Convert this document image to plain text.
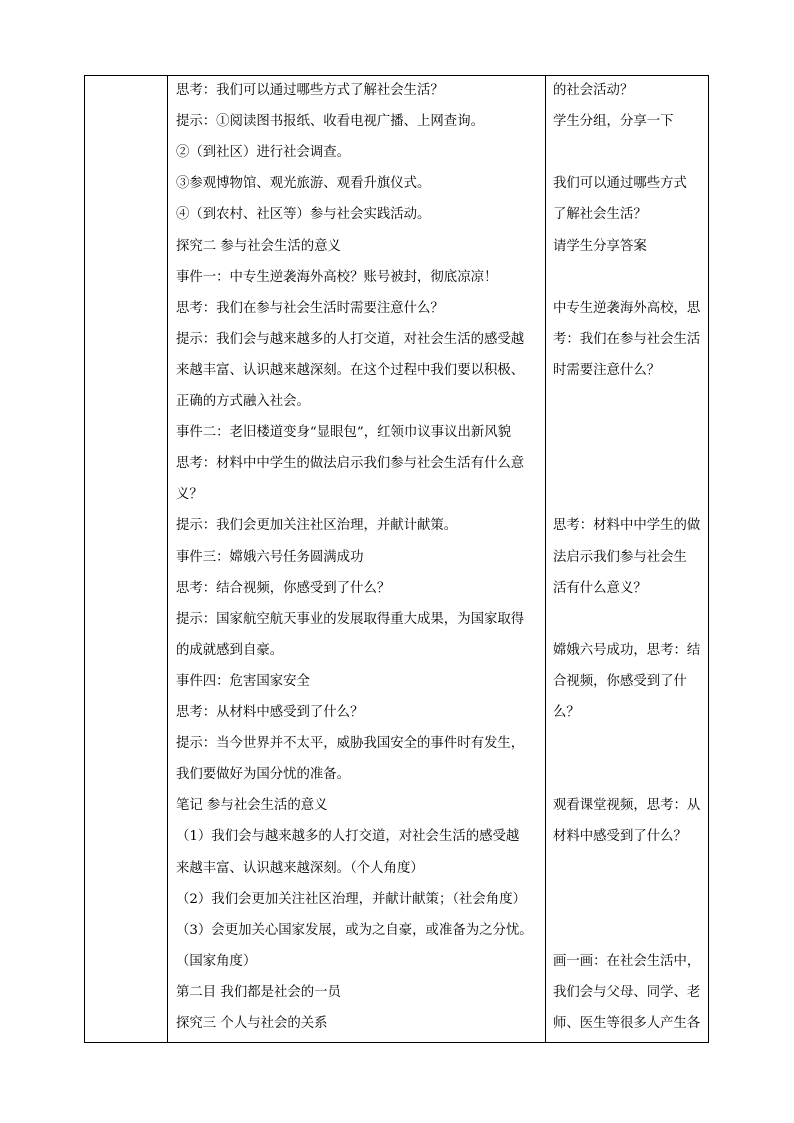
思考：我们可以通过哪些方式了解社会生活？
提示：①阅读图书报纸、收看电视广播、上网查询。
②（到社区）进行社会调查。
③参观博物馆、观光旅游、观看升旗仪式。
④（到农村、社区等）参与社会实践活动。
探究二 参与社会生活的意义
事件一：中专生逆袭海外高校？账号被封，彻底凉凉！
思考：我们在参与社会生活时需要注意什么？
提示：我们会与越来越多的人打交道，对社会生活的感受越
来越丰富、认识越来越深刻。在这个过程中我们要以积极、
正确的方式融入社会。
事件二：老旧楼道变身“显眼包”，红领巾议事议出新风貌
思考：材料中中学生的做法启示我们参与社会生活有什么意
义？
提示：我们会更加关注社区治理，并献计献策。
事件三：嫦娥六号任务圆满成功
思考：结合视频，你感受到了什么？
提示：国家航空航天事业的发展取得重大成果，为国家取得
的成就感到自豪。
事件四：危害国家安全
思考：从材料中感受到了什么？
提示：当今世界并不太平，威胁我国安全的事件时有发生，
我们要做好为国分忧的准备。
笔记 参与社会生活的意义
（1）我们会与越来越多的人打交道，对社会生活的感受越
来越丰富、认识越来越深刻。（个人角度）
（2）我们会更加关注社区治理，并献计献策；（社会角度）
（3）会更加关心国家发展，或为之自豪，或准备为之分忧。
（国家角度）
第二目 我们都是社会的一员
探究三 个人与社会的关系
的社会活动？
学生分组，分享一下
我们可以通过哪些方式
了解社会生活？
请学生分享答案
中专生逆袭海外高校，思
考：我们在参与社会生活
时需要注意什么？
思考：材料中中学生的做
法启示我们参与社会生
活有什么意义？
嫦娥六号成功，思考：结
合视频，你感受到了什
么？
观看课堂视频，思考：从
材料中感受到了什么？
画一画：在社会生活中，
我们会与父母、同学、老
师、医生等很多人产生各
